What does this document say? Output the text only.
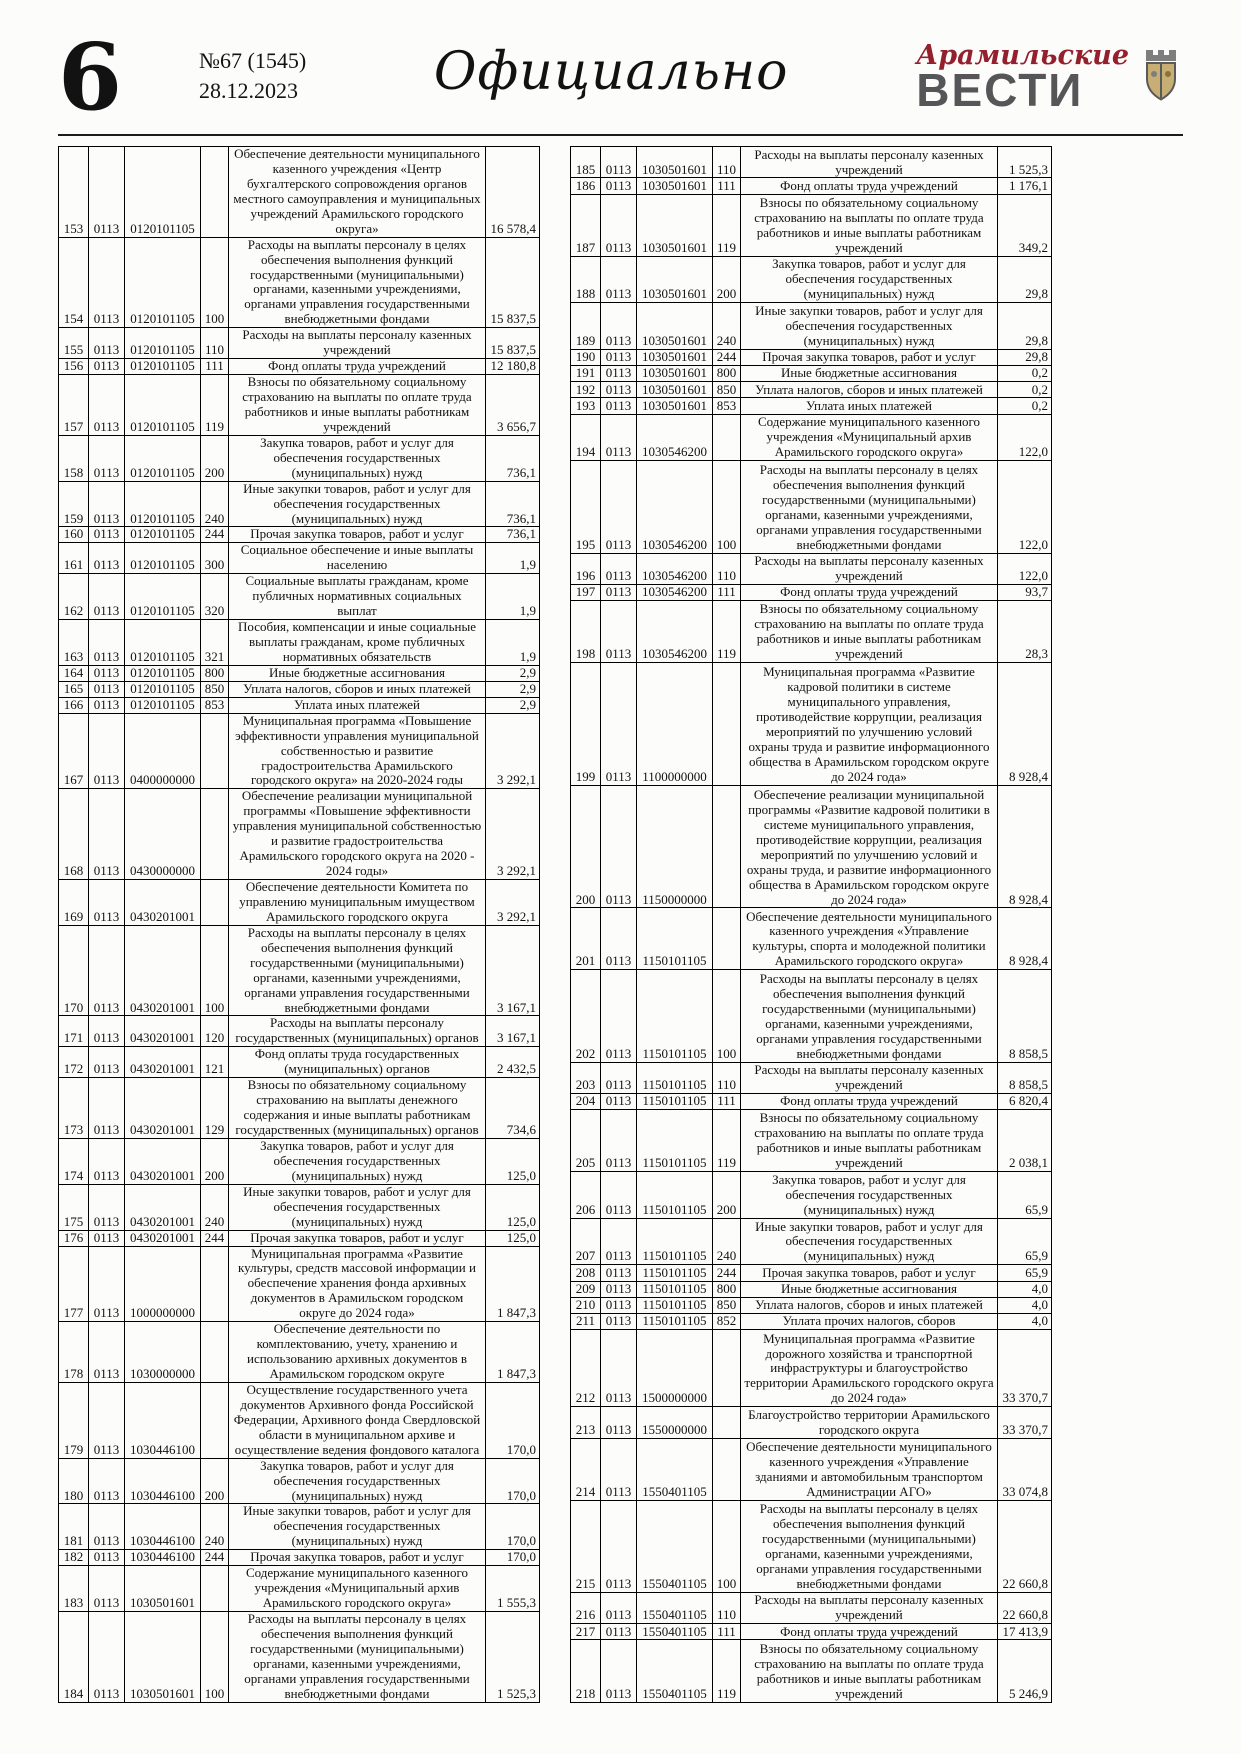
6	№67 (1545)
28.12.2023	Официально	Арамильские
ВЕСТИ
153	0113	0120101105		Обеспечение деятельности муниципального казенного учреждения «Центр бухгалтерского сопровождения органов местного самоуправления и муниципальных учреждений Арамильского городского округа»	16 578,4
154	0113	0120101105	100	Расходы на выплаты персоналу в целях обеспечения выполнения функций государственными (муниципальными) органами, казенными учреждениями, органами управления государственными внебюджетными фондами	15 837,5
155	0113	0120101105	110	Расходы на выплаты персоналу казенных учреждений	15 837,5
156	0113	0120101105	111	Фонд оплаты труда учреждений	12 180,8
157	0113	0120101105	119	Взносы по обязательному социальному страхованию на выплаты по оплате труда работников и иные выплаты работникам учреждений	3 656,7
158	0113	0120101105	200	Закупка товаров, работ и услуг для обеспечения государственных (муниципальных) нужд	736,1
159	0113	0120101105	240	Иные закупки товаров, работ и услуг для обеспечения государственных (муниципальных) нужд	736,1
160	0113	0120101105	244	Прочая закупка товаров, работ и услуг	736,1
161	0113	0120101105	300	Социальное обеспечение и иные выплаты населению	1,9
162	0113	0120101105	320	Социальные выплаты гражданам, кроме публичных нормативных социальных выплат	1,9
163	0113	0120101105	321	Пособия, компенсации и иные социальные выплаты гражданам, кроме публичных нормативных обязательств	1,9
164	0113	0120101105	800	Иные бюджетные ассигнования	2,9
165	0113	0120101105	850	Уплата налогов, сборов и иных платежей	2,9
166	0113	0120101105	853	Уплата иных платежей	2,9
167	0113	0400000000		Муниципальная программа «Повышение эффективности управления муниципальной собственностью и развитие градостроительства Арамильского городского округа» на 2020-2024 годы	3 292,1
168	0113	0430000000		Обеспечение реализации муниципальной программы «Повышение эффективности управления муниципальной собственностью и развитие градостроительства Арамильского городского округа на 2020 - 2024 годы»	3 292,1
169	0113	0430201001		Обеспечение деятельности Комитета по управлению муниципальным имуществом Арамильского городского округа	3 292,1
170	0113	0430201001	100	Расходы на выплаты персоналу в целях обеспечения выполнения функций государственными (муниципальными) органами, казенными учреждениями, органами управления государственными внебюджетными фондами	3 167,1
171	0113	0430201001	120	Расходы на выплаты персоналу государственных (муниципальных) органов	3 167,1
172	0113	0430201001	121	Фонд оплаты труда государственных (муниципальных) органов	2 432,5
173	0113	0430201001	129	Взносы по обязательному социальному страхованию на выплаты денежного содержания и иные выплаты работникам государственных (муниципальных) органов	734,6
174	0113	0430201001	200	Закупка товаров, работ и услуг для обеспечения государственных (муниципальных) нужд	125,0
175	0113	0430201001	240	Иные закупки товаров, работ и услуг для обеспечения государственных (муниципальных) нужд	125,0
176	0113	0430201001	244	Прочая закупка товаров, работ и услуг	125,0
177	0113	1000000000		Муниципальная программа «Развитие культуры, средств массовой информации и обеспечение хранения фонда архивных документов в Арамильском городском округе до 2024 года»	1 847,3
178	0113	1030000000		Обеспечение деятельности по комплектованию, учету, хранению и использованию архивных документов в Арамильском городском округе	1 847,3
179	0113	1030446100		Осуществление государственного учета документов Архивного фонда Российской Федерации, Архивного фонда Свердловской области в муниципальном архиве и осуществление ведения фондового каталога	170,0
180	0113	1030446100	200	Закупка товаров, работ и услуг для обеспечения государственных (муниципальных) нужд	170,0
181	0113	1030446100	240	Иные закупки товаров, работ и услуг для обеспечения государственных (муниципальных) нужд	170,0
182	0113	1030446100	244	Прочая закупка товаров, работ и услуг	170,0
183	0113	1030501601		Содержание муниципального казенного учреждения «Муниципальный архив Арамильского городского округа»	1 555,3
184	0113	1030501601	100	Расходы на выплаты персоналу в целях обеспечения выполнения функций государственными (муниципальными) органами, казенными учреждениями, органами управления государственными внебюджетными фондами	1 525,3
185	0113	1030501601	110	Расходы на выплаты персоналу казенных учреждений	1 525,3
186	0113	1030501601	111	Фонд оплаты труда учреждений	1 176,1
187	0113	1030501601	119	Взносы по обязательному социальному страхованию на выплаты по оплате труда работников и иные выплаты работникам учреждений	349,2
188	0113	1030501601	200	Закупка товаров, работ и услуг для обеспечения государственных (муниципальных) нужд	29,8
189	0113	1030501601	240	Иные закупки товаров, работ и услуг для обеспечения государственных (муниципальных) нужд	29,8
190	0113	1030501601	244	Прочая закупка товаров, работ и услуг	29,8
191	0113	1030501601	800	Иные бюджетные ассигнования	0,2
192	0113	1030501601	850	Уплата налогов, сборов и иных платежей	0,2
193	0113	1030501601	853	Уплата иных платежей	0,2
194	0113	1030546200		Содержание муниципального казенного учреждения «Муниципальный архив Арамильского городского округа»	122,0
195	0113	1030546200	100	Расходы на выплаты персоналу в целях обеспечения выполнения функций государственными (муниципальными) органами, казенными учреждениями, органами управления государственными внебюджетными фондами	122,0
196	0113	1030546200	110	Расходы на выплаты персоналу казенных учреждений	122,0
197	0113	1030546200	111	Фонд оплаты труда учреждений	93,7
198	0113	1030546200	119	Взносы по обязательному социальному страхованию на выплаты по оплате труда работников и иные выплаты работникам учреждений	28,3
199	0113	1100000000		Муниципальная программа «Развитие кадровой политики в системе муниципального управления, противодействие коррупции, реализация мероприятий по улучшению условий охраны труда и развитие информационного общества в Арамильском городском округе до 2024 года»	8 928,4
200	0113	1150000000		Обеспечение реализации муниципальной программы «Развитие кадровой политики в системе муниципального управления, противодействие коррупции, реализация мероприятий по улучшению условий и охраны труда, и развитие информационного общества в Арамильском городском округе до 2024 года»	8 928,4
201	0113	1150101105		Обеспечение деятельности муниципального казенного учреждения «Управление культуры, спорта и молодежной политики Арамильского городского округа»	8 928,4
202	0113	1150101105	100	Расходы на выплаты персоналу в целях обеспечения выполнения функций государственными (муниципальными) органами, казенными учреждениями, органами управления государственными внебюджетными фондами	8 858,5
203	0113	1150101105	110	Расходы на выплаты персоналу казенных учреждений	8 858,5
204	0113	1150101105	111	Фонд оплаты труда учреждений	6 820,4
205	0113	1150101105	119	Взносы по обязательному социальному страхованию на выплаты по оплате труда работников и иные выплаты работникам учреждений	2 038,1
206	0113	1150101105	200	Закупка товаров, работ и услуг для обеспечения государственных (муниципальных) нужд	65,9
207	0113	1150101105	240	Иные закупки товаров, работ и услуг для обеспечения государственных (муниципальных) нужд	65,9
208	0113	1150101105	244	Прочая закупка товаров, работ и услуг	65,9
209	0113	1150101105	800	Иные бюджетные ассигнования	4,0
210	0113	1150101105	850	Уплата налогов, сборов и иных платежей	4,0
211	0113	1150101105	852	Уплата прочих налогов, сборов	4,0
212	0113	1500000000		Муниципальная программа «Развитие дорожного хозяйства и транспортной инфраструктуры и благоустройство территории Арамильского городского округа до 2024 года»	33 370,7
213	0113	1550000000		Благоустройство территории Арамильского городского округа	33 370,7
214	0113	1550401105		Обеспечение деятельности муниципального казенного учреждения «Управление зданиями и автомобильным транспортом Администрации АГО»	33 074,8
215	0113	1550401105	100	Расходы на выплаты персоналу в целях обеспечения выполнения функций государственными (муниципальными) органами, казенными учреждениями, органами управления государственными внебюджетными фондами	22 660,8
216	0113	1550401105	110	Расходы на выплаты персоналу казенных учреждений	22 660,8
217	0113	1550401105	111	Фонд оплаты труда учреждений	17 413,9
218	0113	1550401105	119	Взносы по обязательному социальному страхованию на выплаты по оплате труда работников и иные выплаты работникам учреждений	5 246,9
